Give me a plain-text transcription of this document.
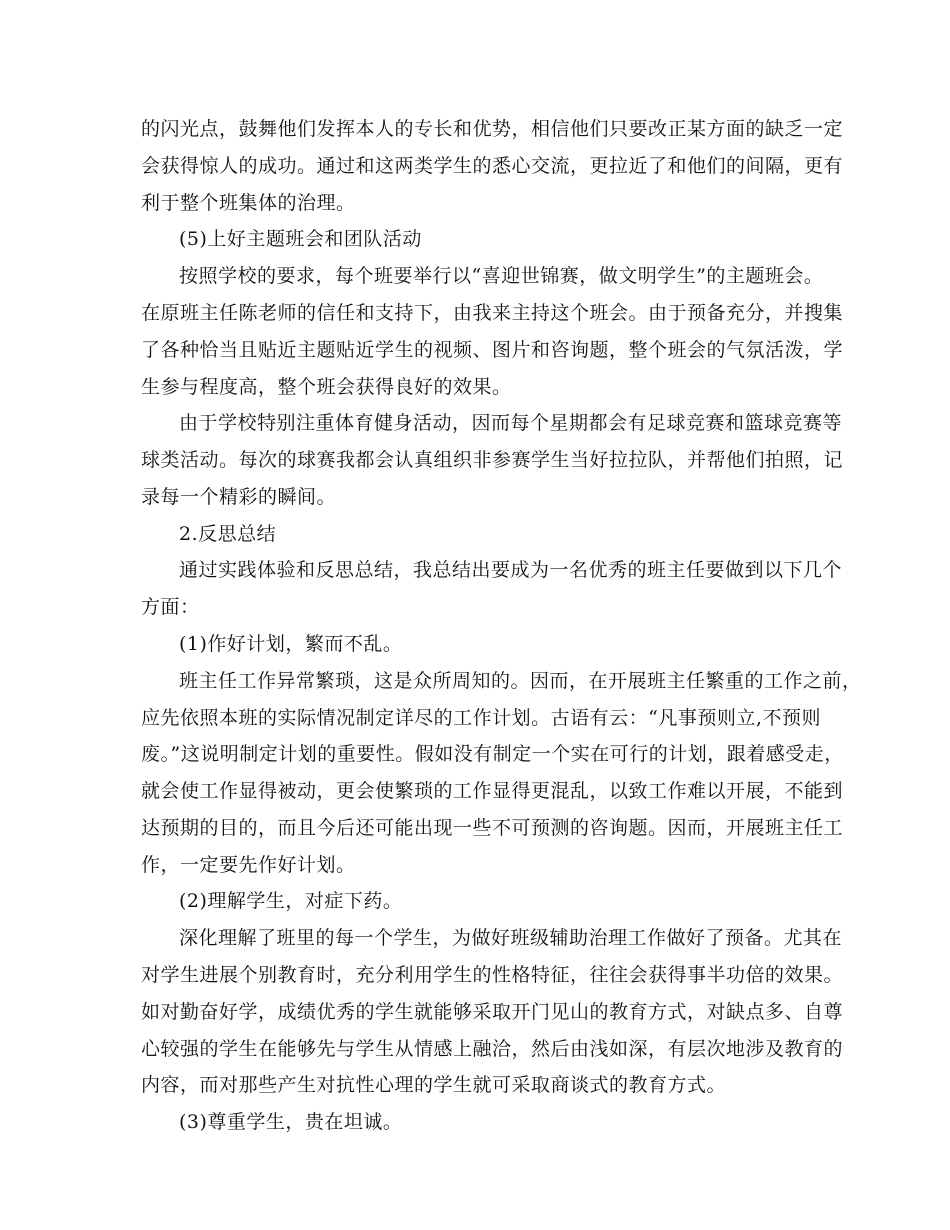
的闪光点，鼓舞他们发挥本人的专长和优势，相信他们只要改正某方面的缺乏一定
会获得惊人的成功。通过和这两类学生的悉心交流，更拉近了和他们的间隔，更有
利于整个班集体的治理。
(5)上好主题班会和团队活动
按照学校的要求，每个班要举行以“喜迎世锦赛，做文明学生”的主题班会。
在原班主任陈老师的信任和支持下，由我来主持这个班会。由于预备充分，并搜集
了各种恰当且贴近主题贴近学生的视频、图片和咨询题，整个班会的气氛活泼，学
生参与程度高，整个班会获得良好的效果。
由于学校特别注重体育健身活动，因而每个星期都会有足球竞赛和篮球竞赛等
球类活动。每次的球赛我都会认真组织非参赛学生当好拉拉队，并帮他们拍照，记
录每一个精彩的瞬间。
2.反思总结
通过实践体验和反思总结，我总结出要成为一名优秀的班主任要做到以下几个
方面：
(1)作好计划，繁而不乱。
班主任工作异常繁琐，这是众所周知的。因而，在开展班主任繁重的工作之前，
应先依照本班的实际情况制定详尽的工作计划。古语有云：“凡事预则立,不预则
废。”这说明制定计划的重要性。假如没有制定一个实在可行的计划，跟着感受走，
就会使工作显得被动，更会使繁琐的工作显得更混乱，以致工作难以开展，不能到
达预期的目的，而且今后还可能出现一些不可预测的咨询题。因而，开展班主任工
作，一定要先作好计划。
(2)理解学生，对症下药。
深化理解了班里的每一个学生，为做好班级辅助治理工作做好了预备。尤其在
对学生进展个别教育时，充分利用学生的性格特征，往往会获得事半功倍的效果。
如对勤奋好学，成绩优秀的学生就能够采取开门见山的教育方式，对缺点多、自尊
心较强的学生在能够先与学生从情感上融洽，然后由浅如深，有层次地涉及教育的
内容，而对那些产生对抗性心理的学生就可采取商谈式的教育方式。
(3)尊重学生，贵在坦诚。
